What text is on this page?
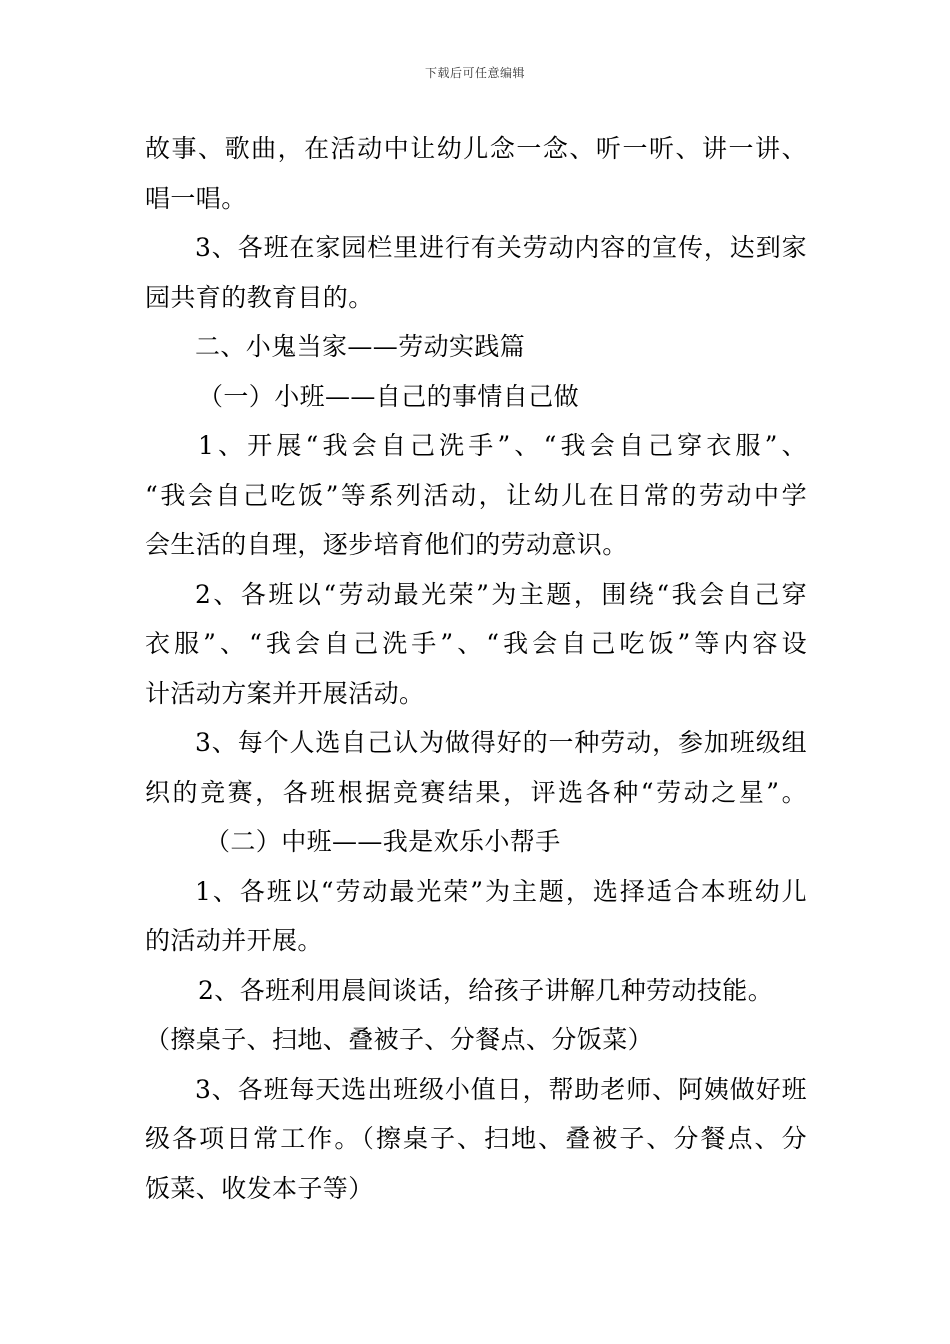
下载后可任意编辑
故事、歌曲，在活动中让幼儿念一念、听一听、讲一讲、
唱一唱。
3、各班在家园栏里进行有关劳动内容的宣传，达到家
园共育的教育目的。
二、小鬼当家——劳动实践篇
（一）小班——自己的事情自己做
1、开展“我会自己洗手”、“我会自己穿衣服”、
“我会自己吃饭”等系列活动，让幼儿在日常的劳动中学
会生活的自理，逐步培育他们的劳动意识。
2、各班以“劳动最光荣”为主题，围绕“我会自己穿
衣服”、“我会自己洗手”、“我会自己吃饭”等内容设
计活动方案并开展活动。
3、每个人选自己认为做得好的一种劳动，参加班级组
织的竞赛，各班根据竞赛结果，评选各种“劳动之星”。
（二）中班——我是欢乐小帮手
1、各班以“劳动最光荣”为主题，选择适合本班幼儿
的活动并开展。
2、各班利用晨间谈话，给孩子讲解几种劳动技能。
（擦桌子、扫地、叠被子、分餐点、分饭菜）
3、各班每天选出班级小值日，帮助老师、阿姨做好班
级各项日常工作。（擦桌子、扫地、叠被子、分餐点、分
饭菜、收发本子等）
